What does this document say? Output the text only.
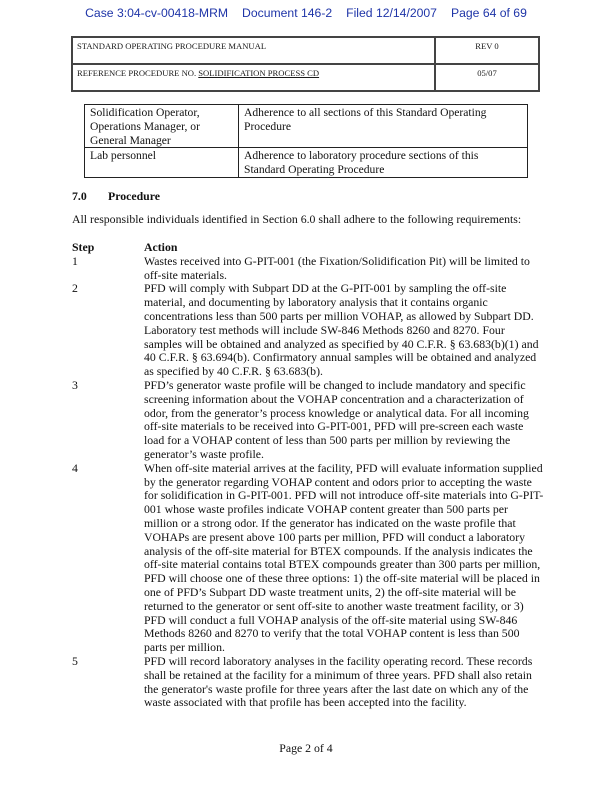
Case 3:04-cv-00418-MRM Document 146-2 Filed 12/14/2007 Page 64 of 69
STANDARD OPERATING PROCEDURE MANUAL	REV 0
REFERENCE PROCEDURE NO. SOLIDIFICATION PROCESS CD	05/07
Solidification Operator, Operations Manager, or General Manager	Adherence to all sections of this Standard Operating Procedure
Lab personnel	Adherence to laboratory procedure sections of this Standard Operating Procedure
7.0 Procedure
All responsible individuals identified in Section 6.0 shall adhere to the following requirements:
Step	Action
1	Wastes received into G-PIT-001 (the Fixation/Solidification Pit) will be limited to off-site materials.
2	PFD will comply with Subpart DD at the G-PIT-001 by sampling the off-site material, and documenting by laboratory analysis that it contains organic concentrations less than 500 parts per million VOHAP, as allowed by Subpart DD. Laboratory test methods will include SW-846 Methods 8260 and 8270. Four samples will be obtained and analyzed as specified by 40 C.F.R. § 63.683(b)(1) and 40 C.F.R. § 63.694(b). Confirmatory annual samples will be obtained and analyzed as specified by 40 C.F.R. § 63.683(b).
3	PFD’s generator waste profile will be changed to include mandatory and specific screening information about the VOHAP concentration and a characterization of odor, from the generator’s process knowledge or analytical data. For all incoming off-site materials to be received into G-PIT-001, PFD will pre-screen each waste load for a VOHAP content of less than 500 parts per million by reviewing the generator’s waste profile.
4	When off-site material arrives at the facility, PFD will evaluate information supplied by the generator regarding VOHAP content and odors prior to accepting the waste for solidification in G-PIT-001. PFD will not introduce off-site materials into G-PIT-001 whose waste profiles indicate VOHAP content greater than 500 parts per million or a strong odor. If the generator has indicated on the waste profile that VOHAPs are present above 100 parts per million, PFD will conduct a laboratory analysis of the off-site material for BTEX compounds. If the analysis indicates the off-site material contains total BTEX compounds greater than 300 parts per million, PFD will choose one of these three options: 1) the off-site material will be placed in one of PFD’s Subpart DD waste treatment units, 2) the off-site material will be returned to the generator or sent off-site to another waste treatment facility, or 3) PFD will conduct a full VOHAP analysis of the off-site material using SW-846 Methods 8260 and 8270 to verify that the total VOHAP content is less than 500 parts per million.
5	PFD will record laboratory analyses in the facility operating record. These records shall be retained at the facility for a minimum of three years. PFD shall also retain the generator's waste profile for three years after the last date on which any of the waste associated with that profile has been accepted into the facility.
Page 2 of 4
